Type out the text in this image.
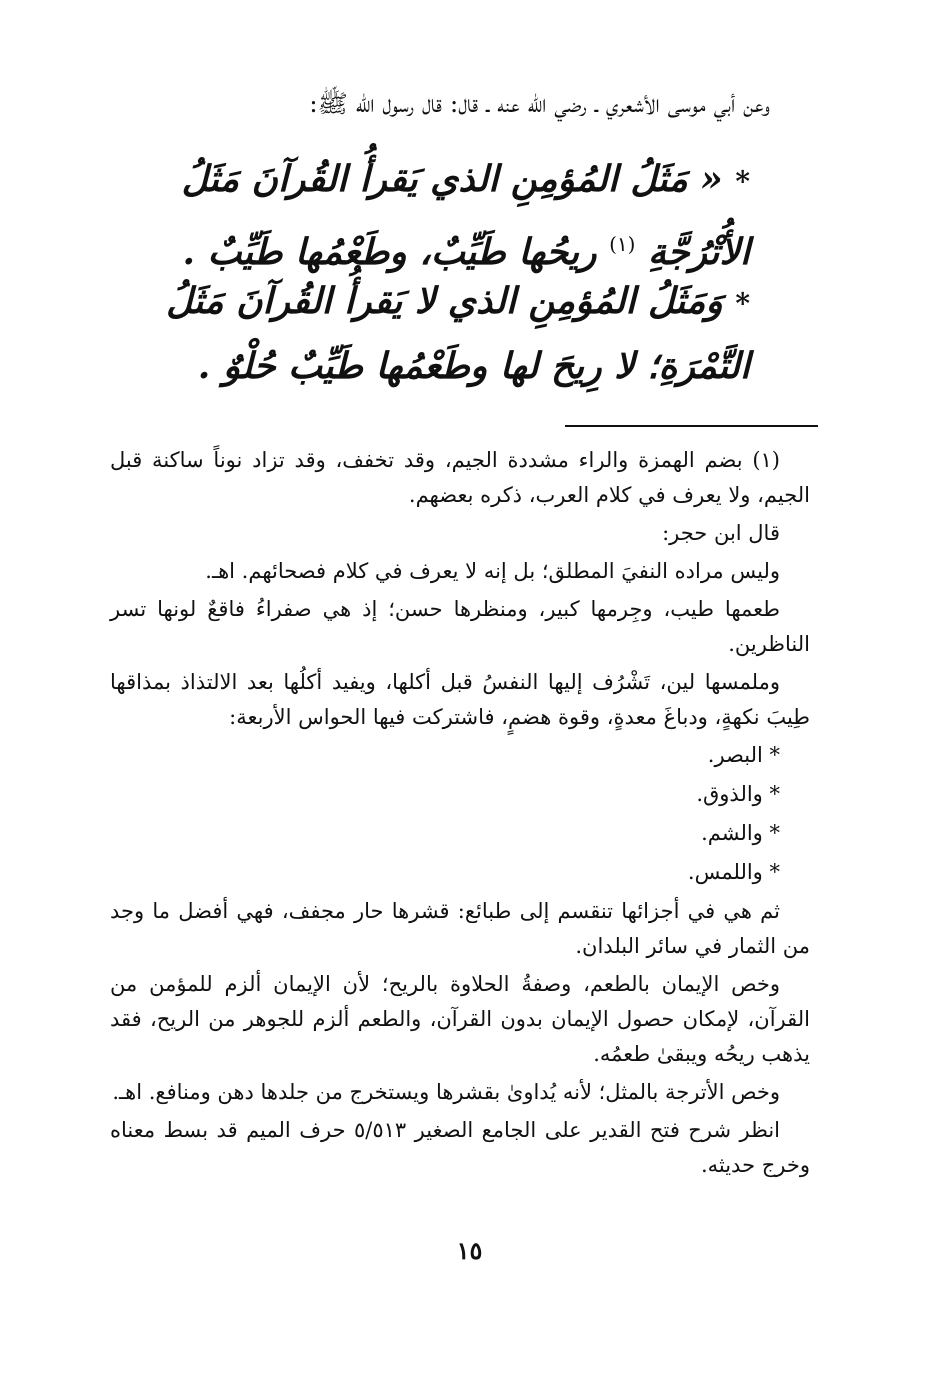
وعن أبي موسى الأشعري ـ رضي الله عنه ـ قال: قال رسول الله ﷺ:
* « مَثَلُ المُؤمِنِ الذي يَقرأُ القُرآنَ مَثَلُ الأُتْرُجَّةِ $^{(١)}$ ريحُها طَيِّبٌ، وطَعْمُها طَيِّبٌ .
* وَمَثَلُ المُؤمِنِ الذي لا يَقرأُ القُرآنَ مَثَلُ التَّمْرَةِ؛ لا رِيحَ لها وطَعْمُها طَيِّبٌ حُلْوٌ .

(١) بضم الهمزة والراء مشددة الجيم، وقد تخفف، وقد تزاد نوناً ساكنة قبل الجيم، ولا يعرف في كلام العرب، ذكره بعضهم.

قال ابن حجر:

وليس مراده النفيَ المطلق؛ بل إنه لا يعرف في كلام فصحائهم. اهـ.

طعمها طيب، وجِرمها كبير، ومنظرها حسن؛ إذ هي صفراءُ فاقعٌ لونها تسر الناظرين.

وملمسها لين، تَشْرُف إليها النفسُ قبل أكلها، ويفيد أكلُها بعد الالتذاذ بمذاقها طِيبَ نكهةٍ، ودباغَ معدةٍ، وقوة هضمٍ، فاشتركت فيها الحواس الأربعة:

* البصر.

* والذوق.

* والشم.

* واللمس.

ثم هي في أجزائها تنقسم إلى طبائع: قشرها حار مجفف، فهي أفضل ما وجد من الثمار في سائر البلدان.

وخص الإيمان بالطعم، وصفةُ الحلاوة بالريح؛ لأن الإيمان ألزم للمؤمن من القرآن، لإمكان حصول الإيمان بدون القرآن، والطعم ألزم للجوهر من الريح، فقد يذهب ريحُه ويبقىٰ طعمُه.

وخص الأترجة بالمثل؛ لأنه يُداوىٰ بقشرها ويستخرج من جلدها دهن ومنافع. اهـ.

انظر شرح فتح القدير على الجامع الصغير ٥/٥١٣ حرف الميم قد بسط معناه وخرج حديثه.

١٥
